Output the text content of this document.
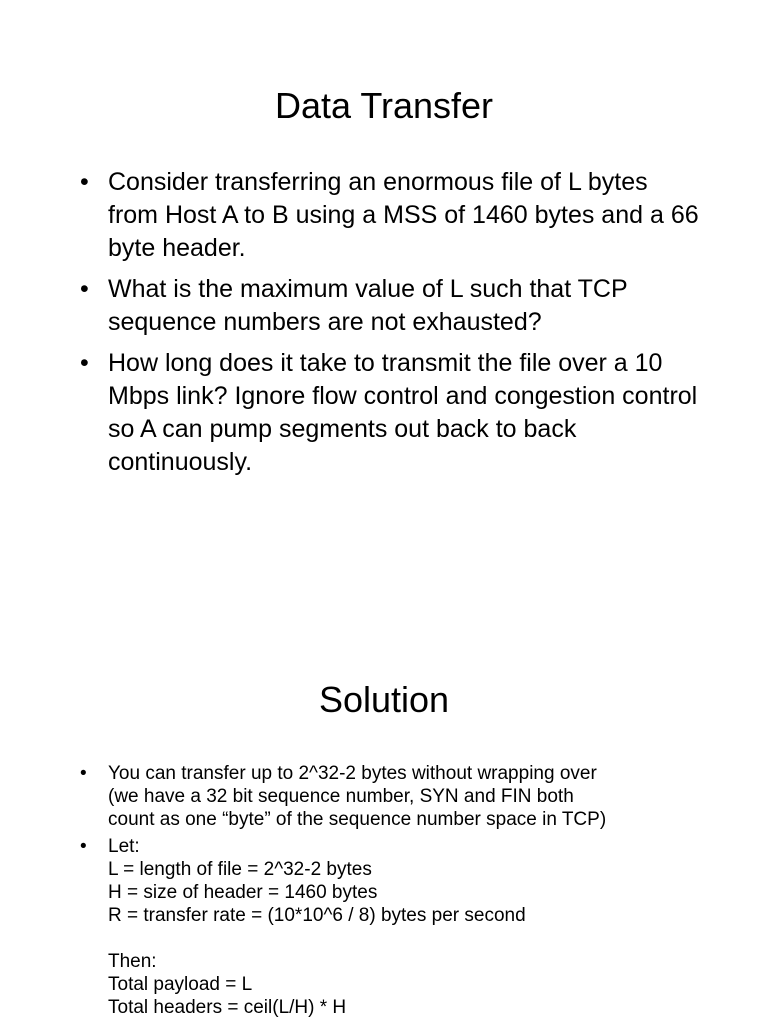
Data Transfer
• Consider transferring an enormous file of L bytes from Host A to B using a MSS of 1460 bytes and a 66 byte header.
• What is the maximum value of L such that TCP sequence numbers are not exhausted?
• How long does it take to transmit the file over a 10 Mbps link? Ignore flow control and congestion control so A can pump segments out back to back continuously.
Solution
• You can transfer up to 2^32-2 bytes without wrapping over
(we have a 32 bit sequence number, SYN and FIN both
count as one “byte” of the sequence number space in TCP)
• Let:
L = length of file = 2^32-2 bytes
H = size of header = 1460 bytes
R = transfer rate = (10*10^6 / 8) bytes per second

Then:
Total payload = L
Total headers = ceil(L/H) * H
